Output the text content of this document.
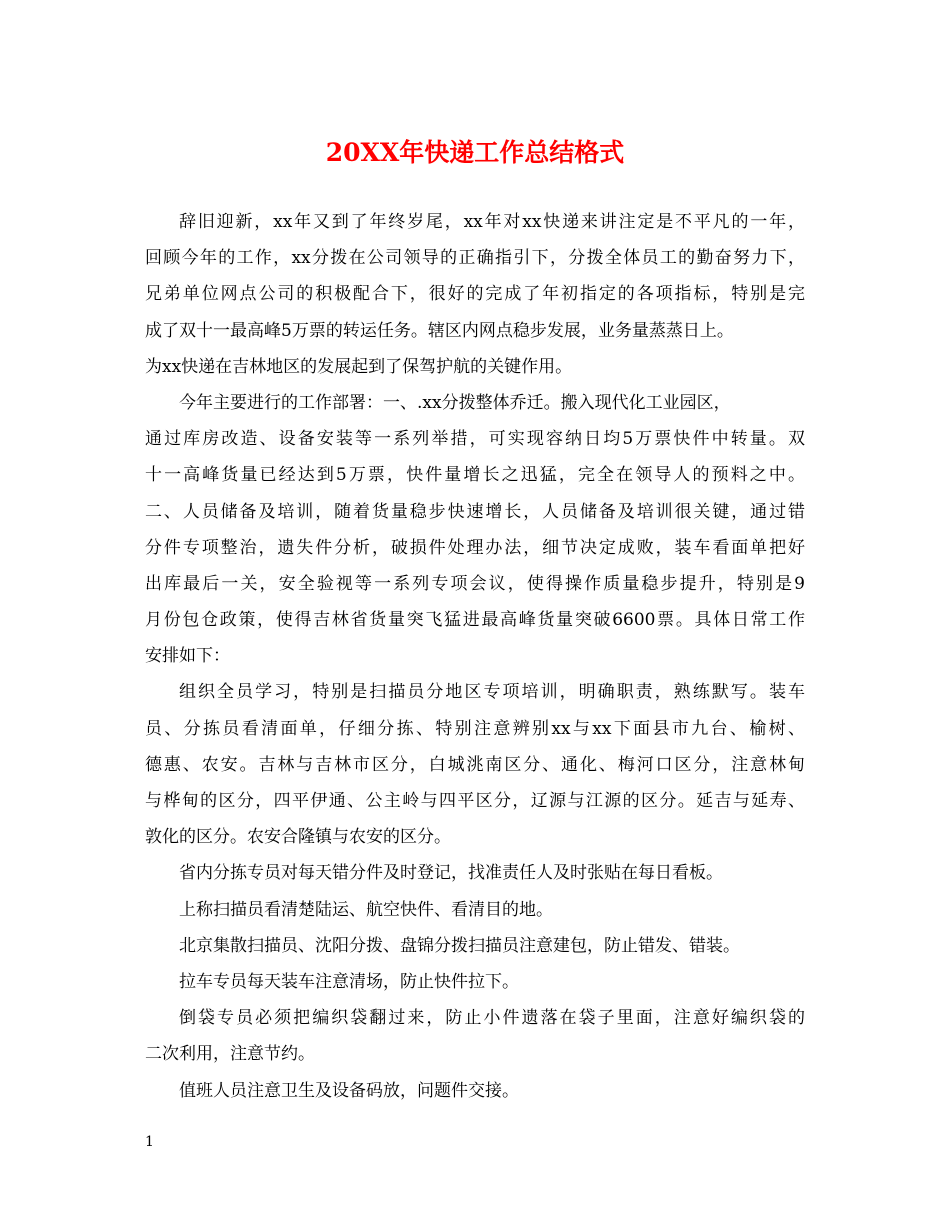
20XX年快递工作总结格式
辞旧迎新，xx年又到了年终岁尾，xx年对xx快递来讲注定是不平凡的一年，
回顾今年的工作，xx分拨在公司领导的正确指引下，分拨全体员工的勤奋努力下，
兄弟单位网点公司的积极配合下，很好的完成了年初指定的各项指标，特别是完
成了双十一最高峰5万票的转运任务。辖区内网点稳步发展，业务量蒸蒸日上。
为xx快递在吉林地区的发展起到了保驾护航的关键作用。
今年主要进行的工作部署：一、.xx分拨整体乔迁。搬入现代化工业园区，
通过库房改造、设备安装等一系列举措，可实现容纳日均5万票快件中转量。双
十一高峰货量已经达到5万票，快件量增长之迅猛，完全在领导人的预料之中。
二、人员储备及培训，随着货量稳步快速增长，人员储备及培训很关键，通过错
分件专项整治，遗失件分析，破损件处理办法，细节决定成败，装车看面单把好
出库最后一关，安全验视等一系列专项会议，使得操作质量稳步提升，特别是9
月份包仓政策，使得吉林省货量突飞猛进最高峰货量突破6600票。具体日常工作
安排如下：
组织全员学习，特别是扫描员分地区专项培训，明确职责，熟练默写。装车
员、分拣员看清面单，仔细分拣、特别注意辨别xx与xx下面县市九台、榆树、
德惠、农安。吉林与吉林市区分，白城洮南区分、通化、梅河口区分，注意林甸
与桦甸的区分，四平伊通、公主岭与四平区分，辽源与江源的区分。延吉与延寿、
敦化的区分。农安合隆镇与农安的区分。
省内分拣专员对每天错分件及时登记，找准责任人及时张贴在每日看板。
上称扫描员看清楚陆运、航空快件、看清目的地。
北京集散扫描员、沈阳分拨、盘锦分拨扫描员注意建包，防止错发、错装。
拉车专员每天装车注意清场，防止快件拉下。
倒袋专员必须把编织袋翻过来，防止小件遗落在袋子里面，注意好编织袋的
二次利用，注意节约。
值班人员注意卫生及设备码放，问题件交接。
1
